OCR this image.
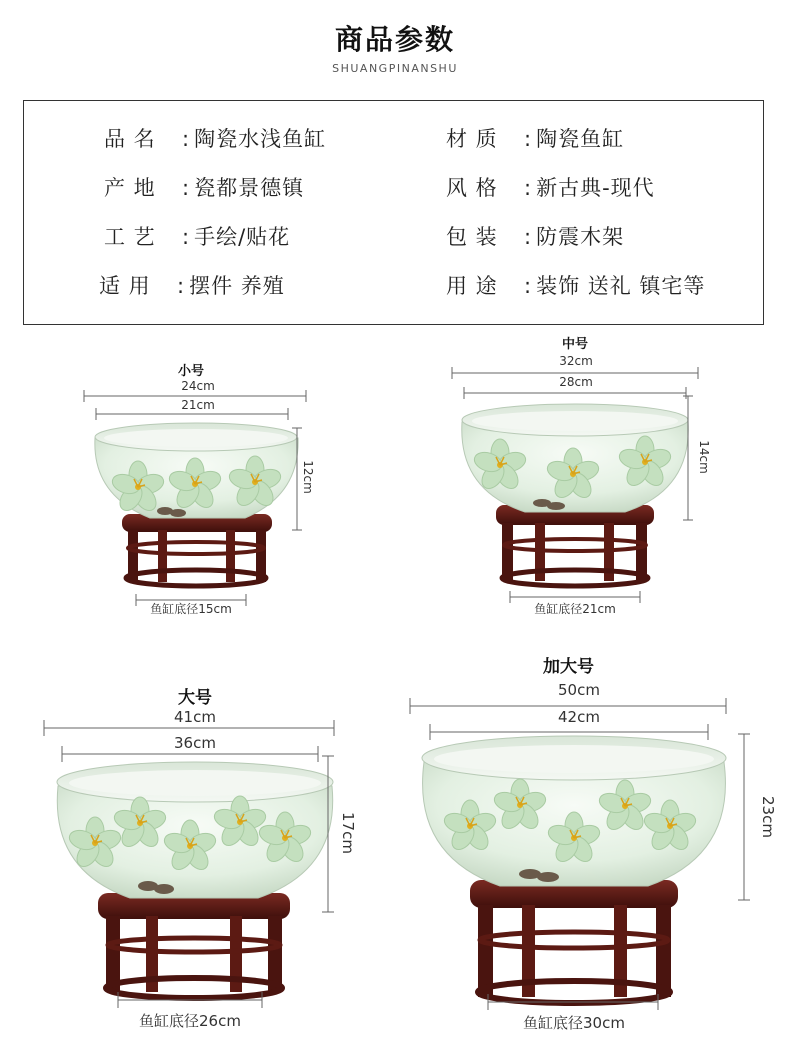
商品参数
SHUANGPINANSHU
品 名 : 陶瓷水浅鱼缸	材 质 : 陶瓷鱼缸
产 地 : 瓷都景德镇	风 格 : 新古典-现代
工 艺 : 手绘/贴花	包 装 : 防震木架
适 用 : 摆件 养殖	用 途 : 装饰 送礼 镇宅等
小号
24cm
21cm
12cm
鱼缸底径15cm
中号
32cm
28cm
14cm
鱼缸底径21cm
大号
41cm
36cm
17cm
鱼缸底径26cm
加大号
50cm
42cm
23cm
鱼缸底径30cm
